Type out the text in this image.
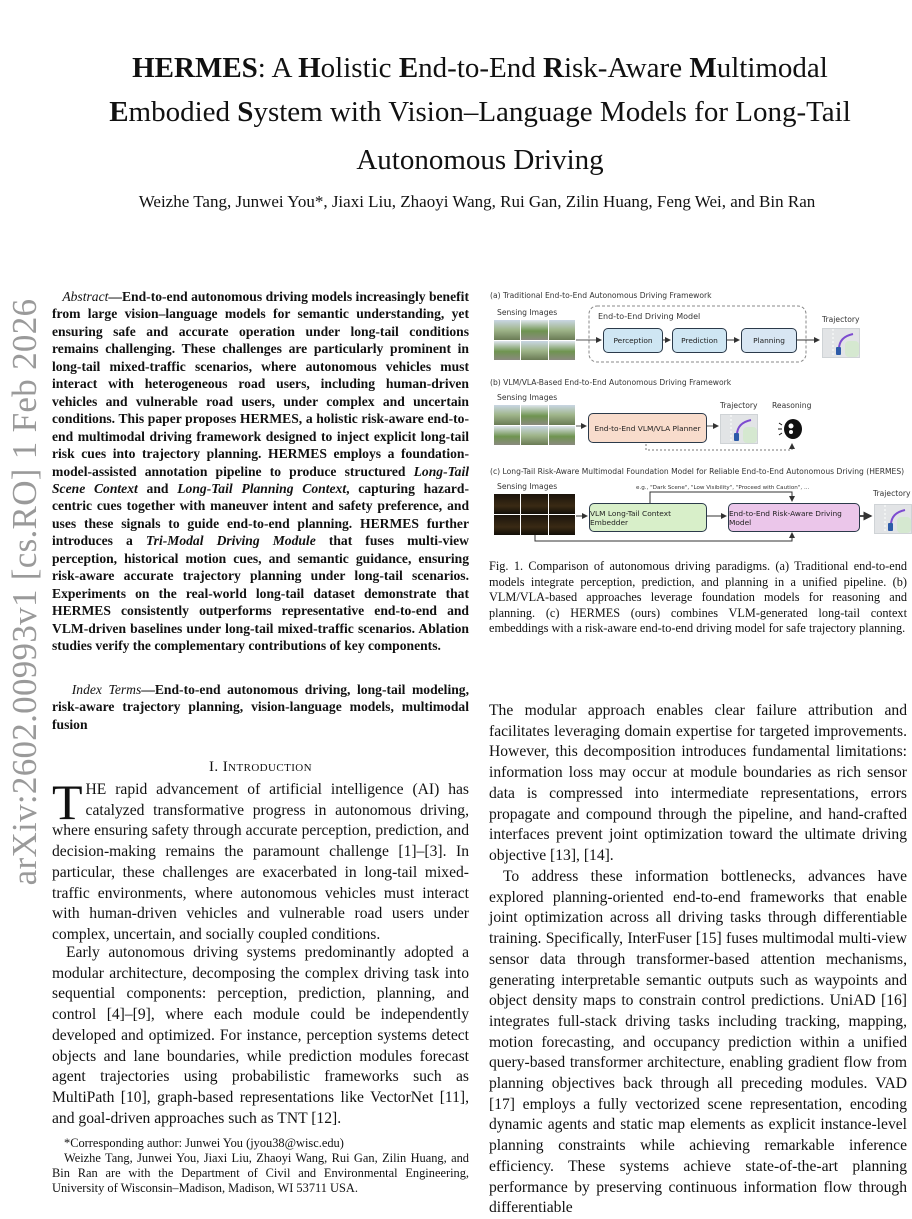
arXiv:2602.00993v1 [cs.RO] 1 Feb 2026
HERMES: A Holistic End-to-End Risk-Aware Multimodal
Embodied System with Vision–Language Models for Long-Tail
Autonomous Driving
Weizhe Tang, Junwei You*, Jiaxi Liu, Zhaoyi Wang, Rui Gan, Zilin Huang, Feng Wei, and Bin Ran
Abstract—End-to-end autonomous driving models increasingly benefit from large vision–language models for semantic understanding, yet ensuring safe and accurate operation under long-tail conditions remains challenging. These challenges are particularly prominent in long-tail mixed-traffic scenarios, where autonomous vehicles must interact with heterogeneous road users, including human-driven vehicles and vulnerable road users, under complex and uncertain conditions. This paper proposes HERMES, a holistic risk-aware end-to-end multimodal driving framework designed to inject explicit long-tail risk cues into trajectory planning. HERMES employs a foundation-model-assisted annotation pipeline to produce structured Long-Tail Scene Context and Long-Tail Planning Context, capturing hazard-centric cues together with maneuver intent and safety preference, and uses these signals to guide end-to-end planning. HERMES further introduces a Tri-Modal Driving Module that fuses multi-view perception, historical motion cues, and semantic guidance, ensuring risk-aware accurate trajectory planning under long-tail scenarios. Experiments on the real-world long-tail dataset demonstrate that HERMES consistently outperforms representative end-to-end and VLM-driven baselines under long-tail mixed-traffic scenarios. Ablation studies verify the complementary contributions of key components.
Index Terms—End-to-end autonomous driving, long-tail modeling, risk-aware trajectory planning, vision-language models, multimodal fusion
I. Introduction
THE rapid advancement of artificial intelligence (AI) has catalyzed transformative progress in autonomous driving, where ensuring safety through accurate perception, prediction, and decision-making remains the paramount challenge [1]–[3]. In particular, these challenges are exacerbated in long-tail mixed-traffic environments, where autonomous vehicles must interact with human-driven vehicles and vulnerable road users under complex, uncertain, and socially coupled conditions.
Early autonomous driving systems predominantly adopted a modular architecture, decomposing the complex driving task into sequential components: perception, prediction, planning, and control [4]–[9], where each module could be independently developed and optimized. For instance, perception systems detect objects and lane boundaries, while prediction modules forecast agent trajectories using probabilistic frameworks such as MultiPath [10], graph-based representations like VectorNet [11], and goal-driven approaches such as TNT [12].

*Corresponding author: Junwei You (jyou38@wisc.edu)

Weizhe Tang, Junwei You, Jiaxi Liu, Zhaoyi Wang, Rui Gan, Zilin Huang, and Bin Ran are with the Department of Civil and Environmental Engineering, University of Wisconsin–Madison, Madison, WI 53711 USA.

(a) Traditional End-to-End Autonomous Driving Framework
Sensing Images	End-to-End Driving Model
Perception	Prediction	Planning
Trajectory
(b) VLM/VLA-Based End-to-End Autonomous Driving Framework
Sensing Images
End-to-End VLM/VLA Planner
Trajectory Reasoning
(c) Long-Tail Risk-Aware Multimodal Foundation Model for Reliable End-to-End Autonomous Driving (HERMES)
Sensing Images	e.g., "Dark Scene", "Low Visibility", "Proceed with Caution", ...
VLM Long-Tail Context Embedder
End-to-End Risk-Aware Driving Model
Trajectory
Fig. 1. Comparison of autonomous driving paradigms. (a) Traditional end-to-end models integrate perception, prediction, and planning in a unified pipeline. (b) VLM/VLA-based approaches leverage foundation models for reasoning and planning. (c) HERMES (ours) combines VLM-generated long-tail context embeddings with a risk-aware end-to-end driving model for safe trajectory planning.
The modular approach enables clear failure attribution and facilitates leveraging domain expertise for targeted improvements. However, this decomposition introduces fundamental limitations: information loss may occur at module boundaries as rich sensor data is compressed into intermediate representations, errors propagate and compound through the pipeline, and hand-crafted interfaces prevent joint optimization toward the ultimate driving objective [13], [14].
To address these information bottlenecks, advances have explored planning-oriented end-to-end frameworks that enable joint optimization across all driving tasks through differentiable training. Specifically, InterFuser [15] fuses multimodal multi-view sensor data through transformer-based attention mechanisms, generating interpretable semantic outputs such as waypoints and object density maps to constrain control predictions. UniAD [16] integrates full-stack driving tasks including tracking, mapping, motion forecasting, and occupancy prediction within a unified query-based transformer architecture, enabling gradient flow from planning objectives back through all preceding modules. VAD [17] employs a fully vectorized scene representation, encoding dynamic agents and static map elements as explicit instance-level planning constraints while achieving remarkable inference efficiency. These systems achieve state-of-the-art planning performance by preserving continuous information flow through differentiable
